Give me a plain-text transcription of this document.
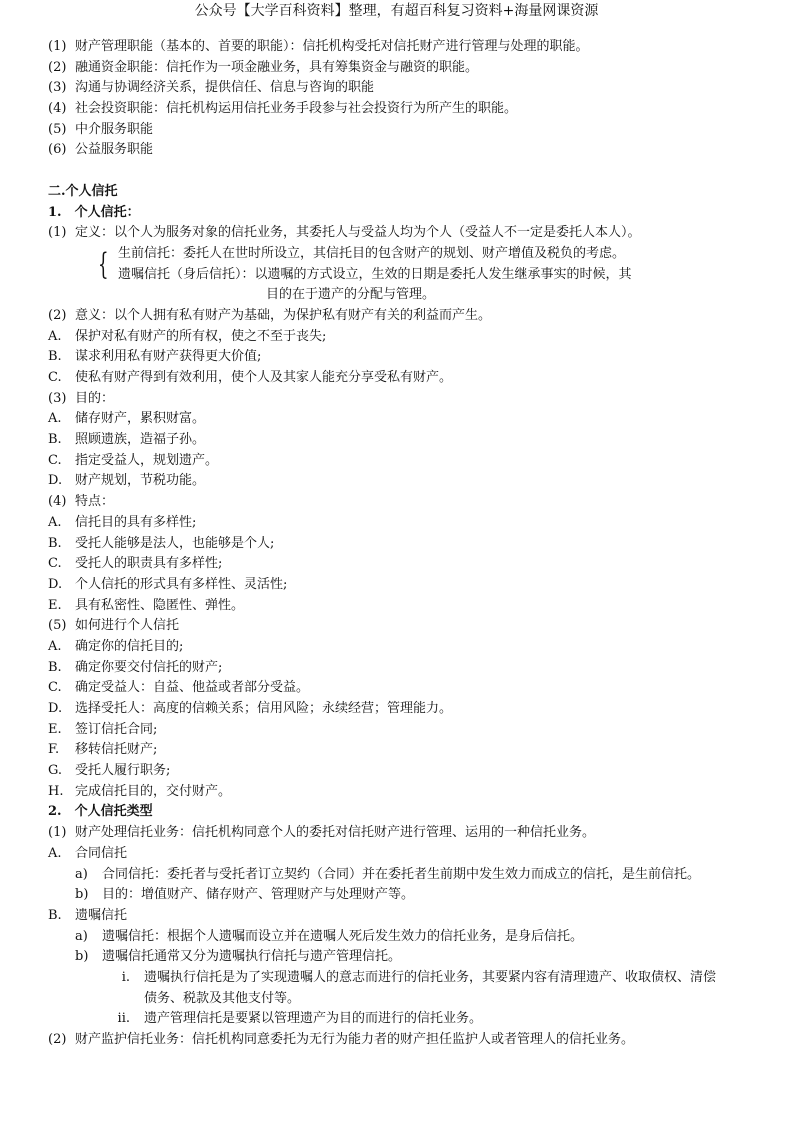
公众号【大学百科资料】整理，有超百科复习资料+海量网课资源
(1) 财产管理职能（基本的、首要的职能）：信托机构受托对信托财产进行管理与处理的职能。
(2) 融通资金职能：信托作为一项金融业务，具有筹集资金与融资的职能。
(3) 沟通与协调经济关系，提供信任、信息与咨询的职能
(4) 社会投资职能：信托机构运用信托业务手段参与社会投资行为所产生的职能。
(5) 中介服务职能
(6) 公益服务职能
二.个人信托
1.　个人信托：
(1) 定义：以个人为服务对象的信托业务，其委托人与受益人均为个人（受益人不一定是委托人本人）。
{ 生前信托：委托人在世时所设立，其信托目的包含财产的规划、财产增值及税负的考虑。
遗嘱信托（身后信托）：以遗嘱的方式设立，生效的日期是委托人发生继承事实的时候，其
目的在于遗产的分配与管理。
(2) 意义：以个人拥有私有财产为基础，为保护私有财产有关的利益而产生。
A. 保护对私有财产的所有权，使之不至于丧失;
B. 谋求利用私有财产获得更大价值;
C. 使私有财产得到有效利用，使个人及其家人能充分享受私有财产。
(3) 目的：
A. 储存财产，累积财富。
B. 照顾遗族，造福子孙。
C. 指定受益人，规划遗产。
D. 财产规划，节税功能。
(4) 特点：
A. 信托目的具有多样性;
B. 受托人能够是法人，也能够是个人;
C. 受托人的职责具有多样性;
D. 个人信托的形式具有多样性、灵活性;
E. 具有私密性、隐匿性、弹性。
(5) 如何进行个人信托
A. 确定你的信托目的;
B. 确定你要交付信托的财产;
C. 确定受益人：自益、他益或者部分受益。
D. 选择受托人：高度的信赖关系；信用风险；永续经营；管理能力。
E. 签订信托合同;
F. 移转信托财产;
G. 受托人履行职务;
H. 完成信托目的，交付财产。
2.　个人信托类型
(1) 财产处理信托业务：信托机构同意个人的委托对信托财产进行管理、运用的一种信托业务。
A. 合同信托
a) 合同信托：委托者与受托者订立契约（合同）并在委托者生前期中发生效力而成立的信托，是生前信托。
b) 目的：增值财产、储存财产、管理财产与处理财产等。
B. 遗嘱信托
a) 遗嘱信托：根据个人遗嘱而设立并在遗嘱人死后发生效力的信托业务，是身后信托。
b) 遗嘱信托通常又分为遗嘱执行信托与遗产管理信托。
i. 遗嘱执行信托是为了实现遗嘱人的意志而进行的信托业务，其要紧内容有清理遗产、收取债权、清偿
债务、税款及其他支付等。
ii. 遗产管理信托是要紧以管理遗产为目的而进行的信托业务。
(2) 财产监护信托业务：信托机构同意委托为无行为能力者的财产担任监护人或者管理人的信托业务。
